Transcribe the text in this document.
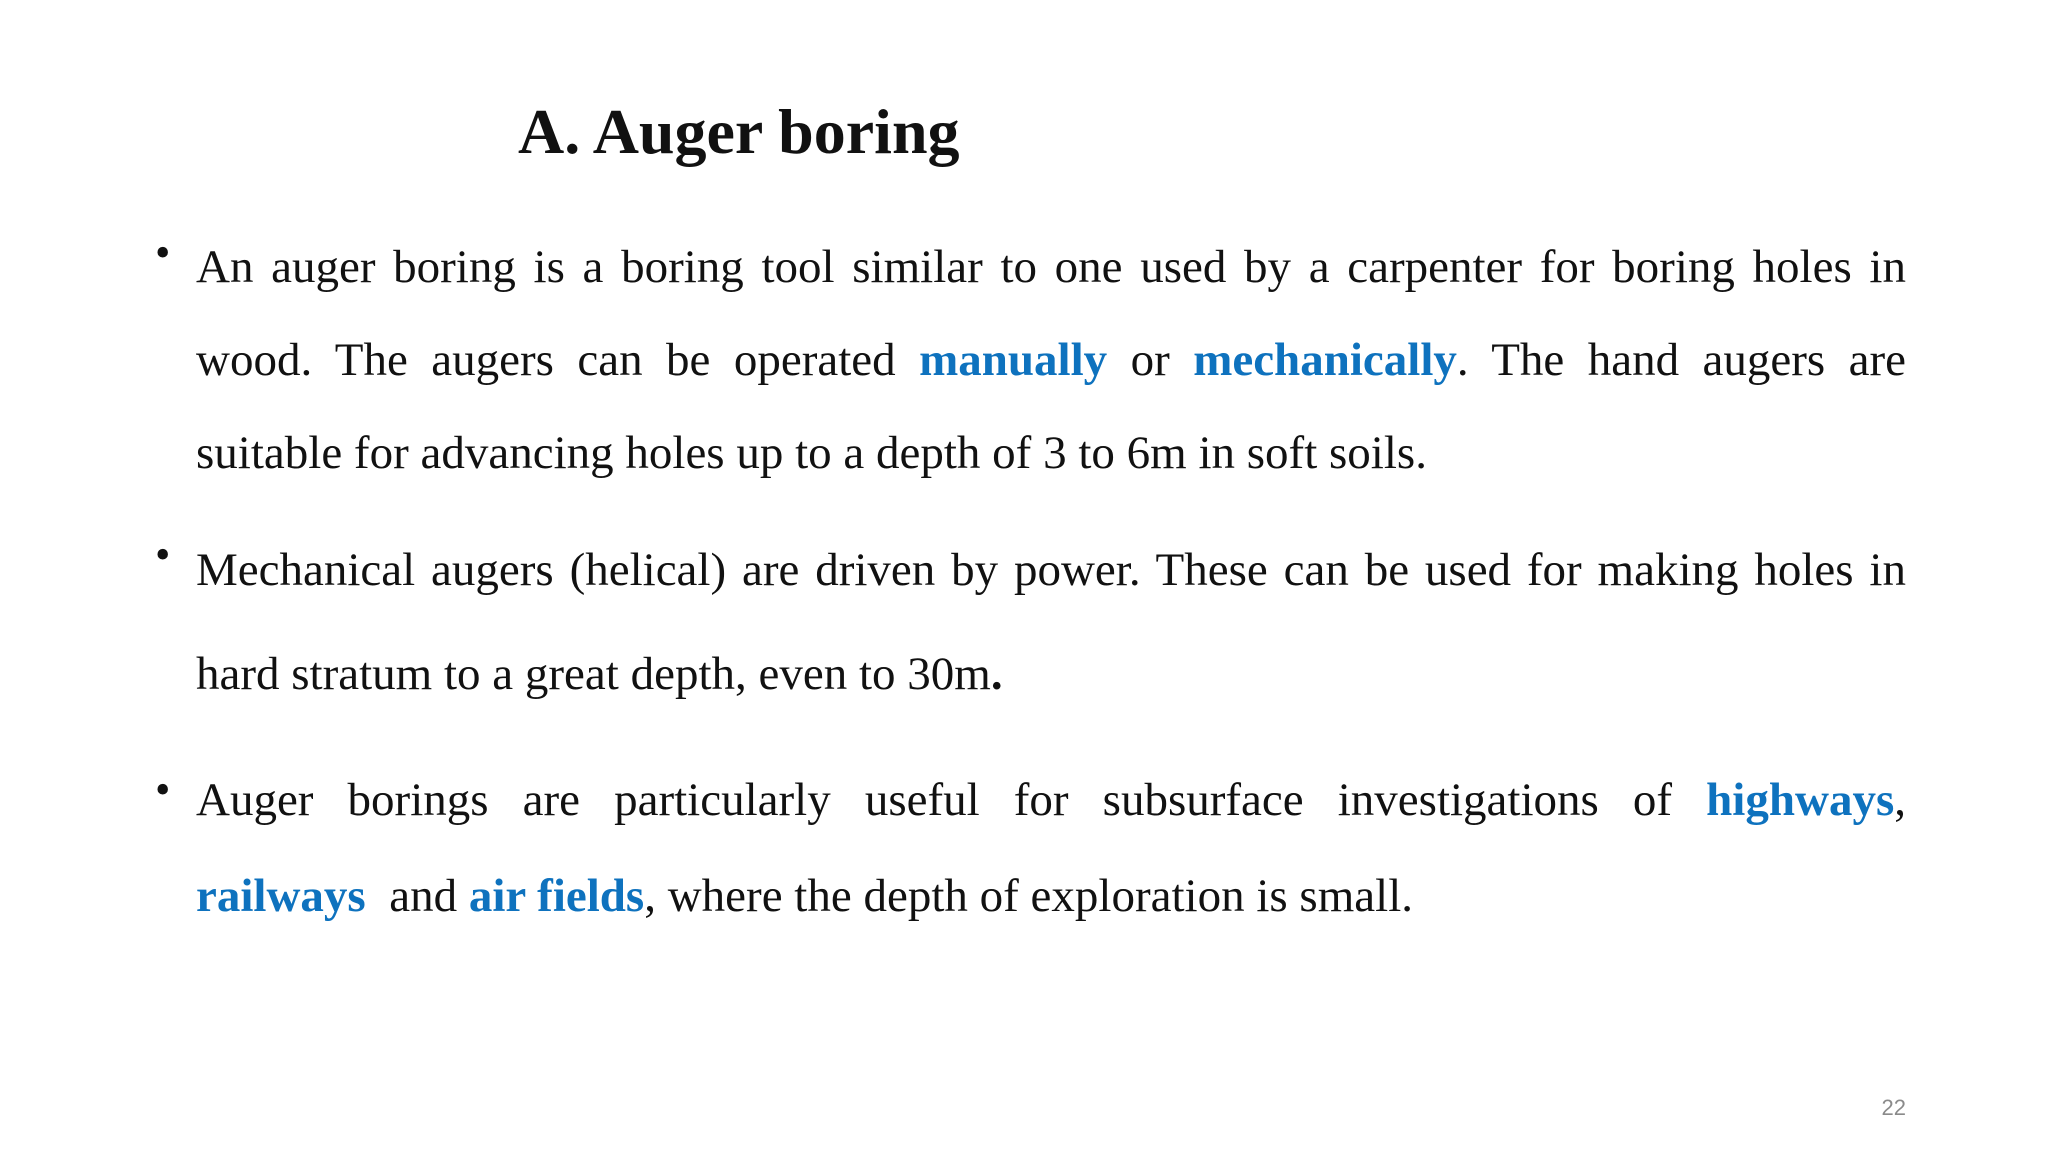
A. Auger boring
• An auger boring is a boring tool similar to one used by a carpenter for boring holes in wood. The augers can be operated manually or mechanically. The hand augers are suitable for advancing holes up to a depth of 3 to 6m in soft soils.

• Mechanical augers (helical) are driven by power. These can be used for making holes in hard stratum to a great depth, even to 30m.

• Auger borings are particularly useful for subsurface investigations of highways, railways  and air fields, where the depth of exploration is small.

22
